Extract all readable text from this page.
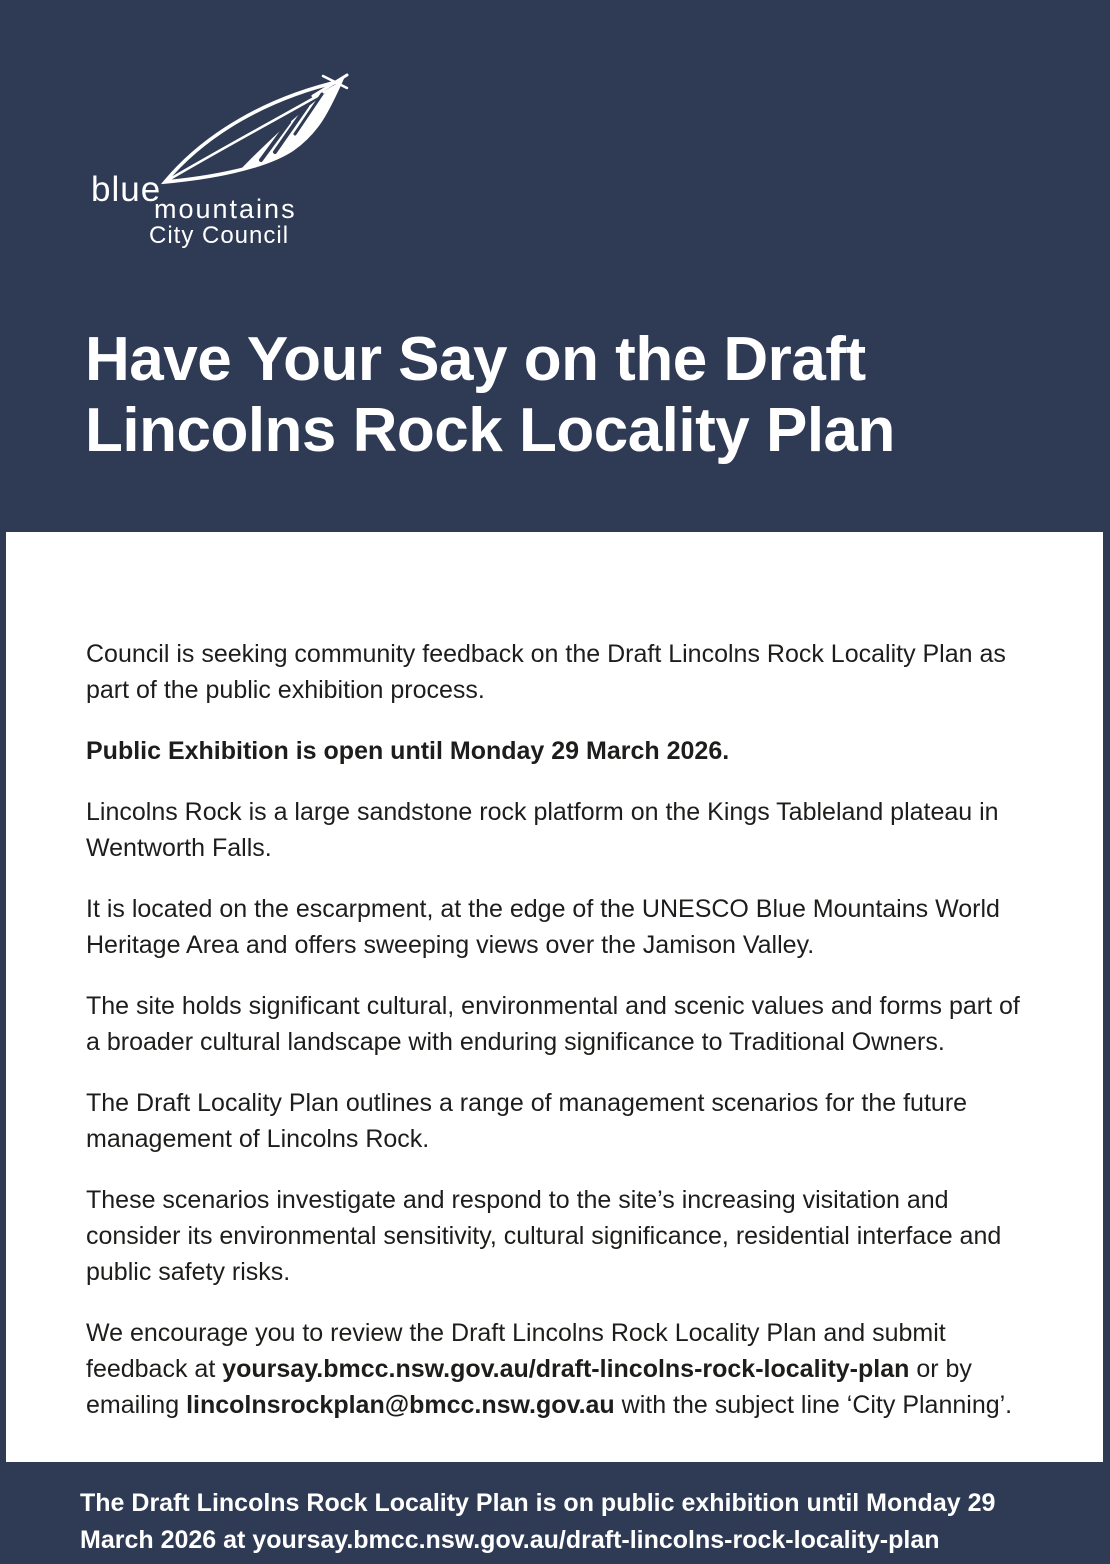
blue
mountains
City Council
Have Your Say on the Draft
Lincolns Rock Locality Plan

Council is seeking community feedback on the Draft Lincolns Rock Locality Plan as part of the public exhibition process.

Public Exhibition is open until Monday 29 March 2026.

Lincolns Rock is a large sandstone rock platform on the Kings Tableland plateau in Wentworth Falls.

It is located on the escarpment, at the edge of the UNESCO Blue Mountains World Heritage Area and offers sweeping views over the Jamison Valley.

The site holds significant cultural, environmental and scenic values and forms part of a broader cultural landscape with enduring significance to Traditional Owners.

The Draft Locality Plan outlines a range of management scenarios for the future management of Lincolns Rock.

These scenarios investigate and respond to the site’s increasing visitation and consider its environmental sensitivity, cultural significance, residential interface and public safety risks.

We encourage you to review the Draft Lincolns Rock Locality Plan and submit feedback at yoursay.bmcc.nsw.gov.au/draft-lincolns-rock-locality-plan or by emailing lincolnsrockplan@bmcc.nsw.gov.au with the subject line ‘City Planning’.

The Draft Lincolns Rock Locality Plan is on public exhibition until Monday 29 March 2026 at yoursay.bmcc.nsw.gov.au/draft-lincolns-rock-locality-plan
